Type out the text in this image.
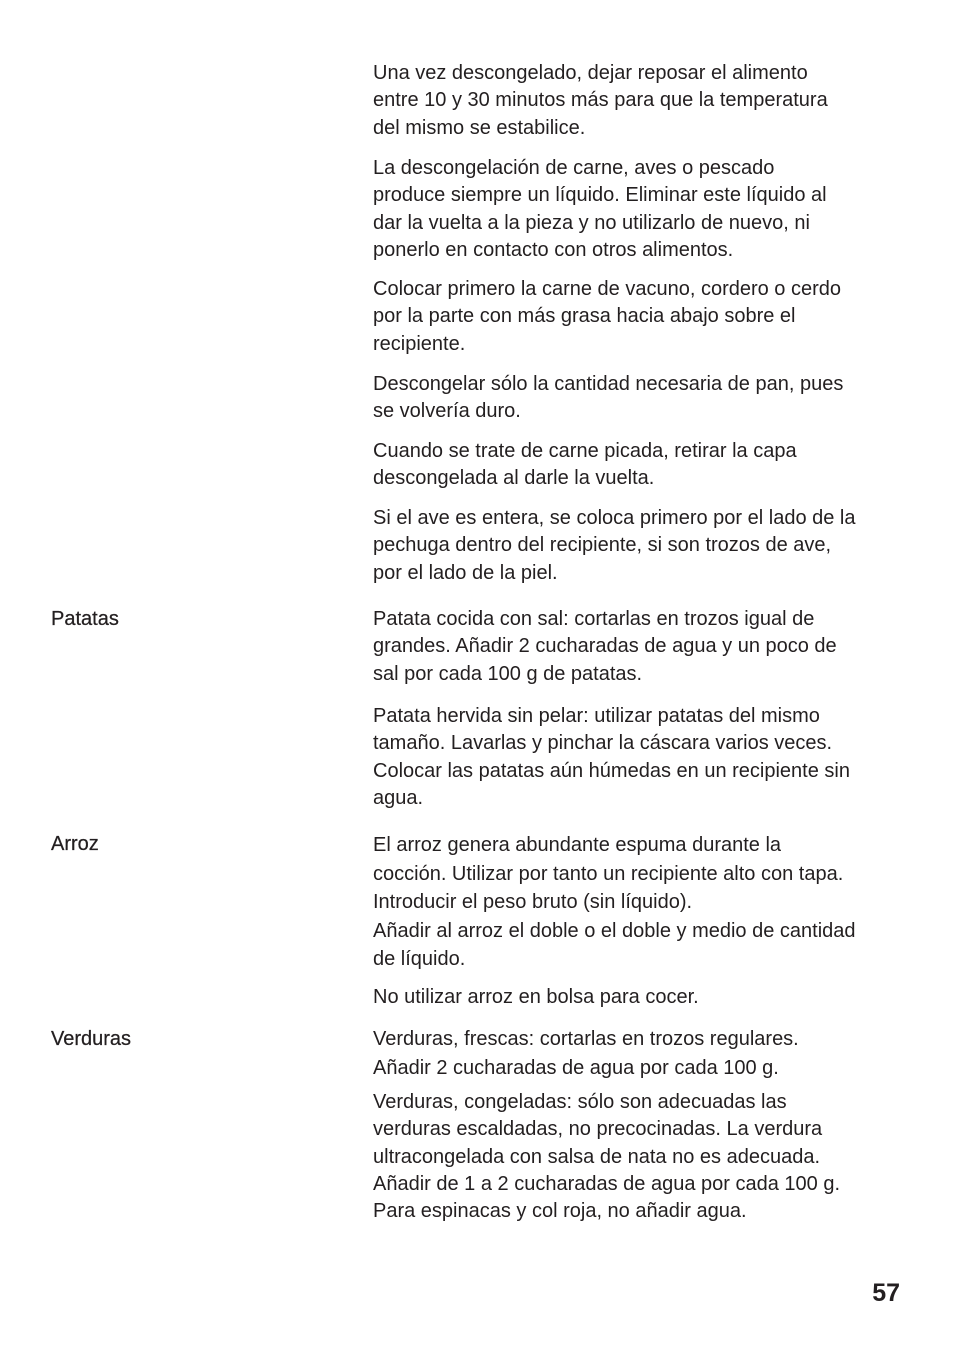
Patatas
Arroz
Verduras
Una vez descongelado, dejar reposar el alimento
entre 10 y 30 minutos más para que la temperatura
del mismo se estabilice.
La descongelación de carne, aves o pescado
produce siempre un líquido. Eliminar este líquido al
dar la vuelta a la pieza y no utilizarlo de nuevo, ni
ponerlo en contacto con otros alimentos.
Colocar primero la carne de vacuno, cordero o cerdo
por la parte con más grasa hacia abajo sobre el
recipiente.
Descongelar sólo la cantidad necesaria de pan, pues
se volvería duro.
Cuando se trate de carne picada, retirar la capa
descongelada al darle la vuelta.
Si el ave es entera, se coloca primero por el lado de la
pechuga dentro del recipiente, si son trozos de ave,
por el lado de la piel.
Patata cocida con sal: cortarlas en trozos igual de
grandes. Añadir 2 cucharadas de agua y un poco de
sal por cada 100 g de patatas.
Patata hervida sin pelar: utilizar patatas del mismo
tamaño. Lavarlas y pinchar la cáscara varios veces.
Colocar las patatas aún húmedas en un recipiente sin
agua.
El arroz genera abundante espuma durante la
cocción. Utilizar por tanto un recipiente alto con tapa.
Introducir el peso bruto (sin líquido).
Añadir al arroz el doble o el doble y medio de cantidad
de líquido.
No utilizar arroz en bolsa para cocer.
Verduras, frescas: cortarlas en trozos regulares.
Añadir 2 cucharadas de agua por cada 100 g.
Verduras, congeladas: sólo son adecuadas las
verduras escaldadas, no precocinadas. La verdura
ultracongelada con salsa de nata no es adecuada.
Añadir de 1 a 2 cucharadas de agua por cada 100 g.
Para espinacas y col roja, no añadir agua.
57
